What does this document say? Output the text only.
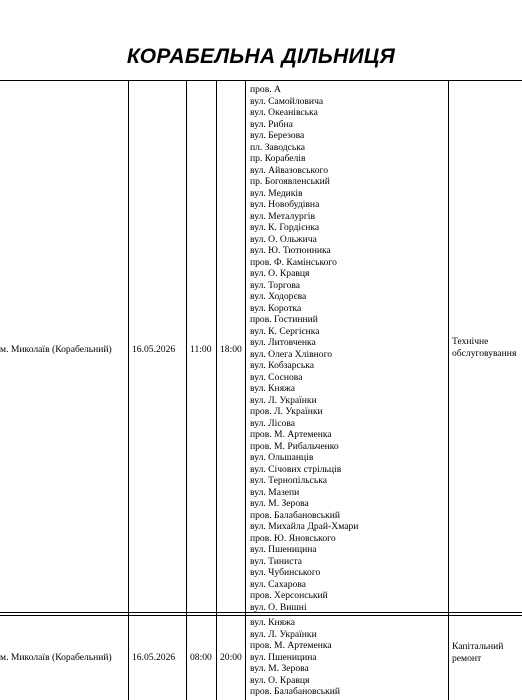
КОРАБЕЛЬНА ДІЛЬНИЦЯ
м. Миколаїв (Корабельний) 16.05.2026 11:00 18:00
пров. А
вул. Самойловича
вул. Океанівська
вул. Рибна
вул. Березова
пл. Заводська
пр. Корабелів
вул. Айвазовського
пр. Богоявленський
вул. Медиків
вул. Новобудівна
вул. Металургів
вул. К. Гордієнка
вул. О. Ольжича
вул. Ю. Тютюнника
пров. Ф. Камінського
вул. О. Кравця
вул. Торгова
вул. Ходорєва
вул. Коротка
пров. Гостинний
вул. К. Сергієнка
вул. Литовченка
вул. Олега Хлівного
вул. Кобзарська
вул. Соснова
вул. Княжа
вул. Л. Українки
пров. Л. Українки
вул. Лісова
пров. М. Артеменка
пров. М. Рибальченко
вул. Ольшанців
вул. Січових стрільців
вул. Тернопільська
вул. Мазепи
вул. М. Зерова
пров. Балабановський
вул. Михайла Драй-Хмари
пров. Ю. Яновського
вул. Пшеницина
вул. Тиниста
вул. Чубинського
вул. Сахарова
пров. Херсонський
вул. О. Вишні
Технічне
обслуговування
м. Миколаїв (Корабельний) 16.05.2026 08:00 20:00
вул. Княжа
вул. Л. Українки
пров. М. Артеменка
вул. Пшеницина
вул. М. Зерова
вул. О. Кравця
пров. Балабановський
Капітальний
ремонт
